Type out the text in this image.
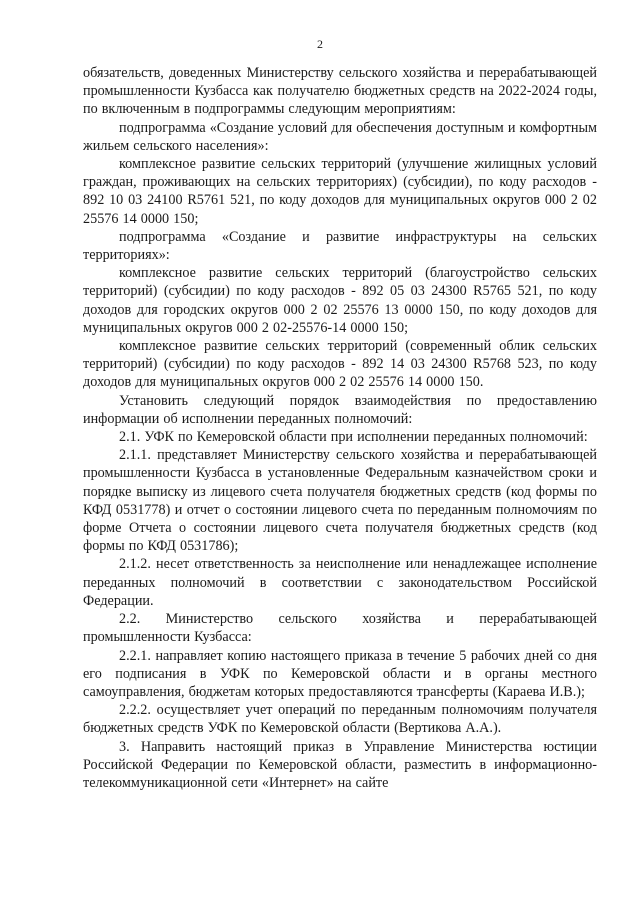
2

обязательств, доведенных Министерству сельского хозяйства и перерабатывающей промышленности Кузбасса как получателю бюджетных средств на 2022-2024 годы, по включенным в подпрограммы следующим мероприятиям:

подпрограмма «Создание условий для обеспечения доступным и комфортным жильем сельского населения»:

комплексное развитие сельских территорий (улучшение жилищных условий граждан, проживающих на сельских территориях) (субсидии), по коду расходов - 892 10 03 24100 R5761 521, по коду доходов для муниципальных округов 000 2 02 25576 14 0000 150;

подпрограмма «Создание и развитие инфраструктуры на сельских территориях»:

комплексное развитие сельских территорий (благоустройство сельских территорий) (субсидии) по коду расходов - 892 05 03 24300 R5765 521, по коду доходов для городских округов 000 2 02 25576 13 0000 150, по коду доходов для муниципальных округов 000 2 02-25576-14 0000 150;

комплексное развитие сельских территорий (современный облик сельских территорий) (субсидии) по коду расходов - 892 14 03 24300 R5768 523, по коду доходов для муниципальных округов 000 2 02 25576 14 0000 150.

Установить следующий порядок взаимодействия по предоставлению информации об исполнении переданных полномочий:

2.1. УФК по Кемеровской области при исполнении переданных полномочий:

2.1.1. представляет Министерству сельского хозяйства и перерабатывающей промышленности Кузбасса в установленные Федеральным казначейством сроки и порядке выписку из лицевого счета получателя бюджетных средств (код формы по КФД 0531778) и отчет о состоянии лицевого счета по переданным полномочиям по форме Отчета о состоянии лицевого счета получателя бюджетных средств (код формы по КФД 0531786);

2.1.2. несет ответственность за неисполнение или ненадлежащее исполнение переданных полномочий в соответствии с законодательством Российской Федерации.

2.2. Министерство сельского хозяйства и перерабатывающей промышленности Кузбасса:

2.2.1. направляет копию настоящего приказа в течение 5 рабочих дней со дня его подписания в УФК по Кемеровской области и в органы местного самоуправления, бюджетам которых предоставляются трансферты (Караева И.В.);

2.2.2. осуществляет учет операций по переданным полномочиям получателя бюджетных средств УФК по Кемеровской области (Вертикова А.А.).

3. Направить настоящий приказ в Управление Министерства юстиции Российской Федерации по Кемеровской области, разместить в информационно-телекоммуникационной сети «Интернет» на сайте
